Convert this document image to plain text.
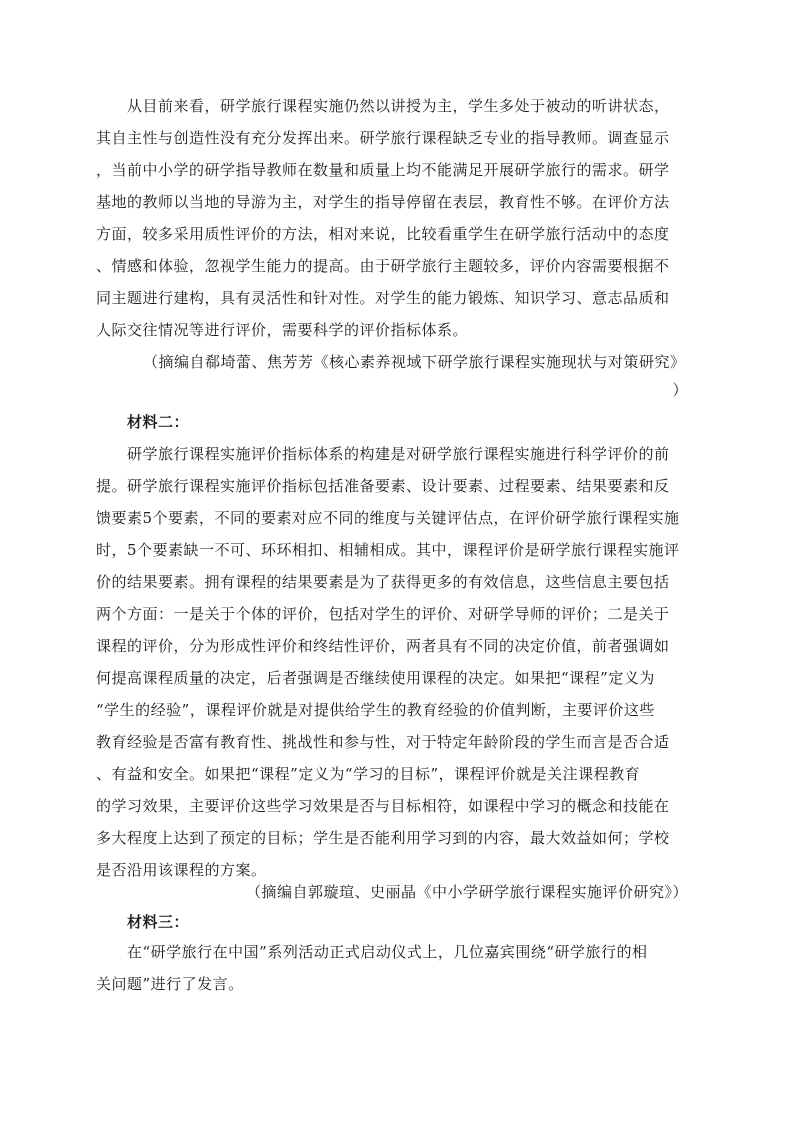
从目前来看，研学旅行课程实施仍然以讲授为主，学生多处于被动的听讲状态，
其自主性与创造性没有充分发挥出来。研学旅行课程缺乏专业的指导教师。调查显示
，当前中小学的研学指导教师在数量和质量上均不能满足开展研学旅行的需求。研学
基地的教师以当地的导游为主，对学生的指导停留在表层，教育性不够。在评价方法
方面，较多采用质性评价的方法，相对来说，比较看重学生在研学旅行活动中的态度
、情感和体验，忽视学生能力的提高。由于研学旅行主题较多，评价内容需要根据不
同主题进行建构，具有灵活性和针对性。对学生的能力锻炼、知识学习、意志品质和
人际交往情况等进行评价，需要科学的评价指标体系。
（摘编自郗埼蕾、焦芳芳《核心素养视域下研学旅行课程实施现状与对策研究》
）
材料二：
研学旅行课程实施评价指标体系的构建是对研学旅行课程实施进行科学评价的前
提。研学旅行课程实施评价指标包括准备要素、设计要素、过程要素、结果要素和反
馈要素5个要素，不同的要素对应不同的维度与关键评估点，在评价研学旅行课程实施
时，5个要素缺一不可、环环相扣、相辅相成。其中，课程评价是研学旅行课程实施评
价的结果要素。拥有课程的结果要素是为了获得更多的有效信息，这些信息主要包括
两个方面：一是关于个体的评价，包括对学生的评价、对研学导师的评价；二是关于
课程的评价，分为形成性评价和终结性评价，两者具有不同的决定价值，前者强调如
何提高课程质量的决定，后者强调是否继续使用课程的决定。如果把“课程”定义为
“学生的经验”，课程评价就是对提供给学生的教育经验的价值判断，主要评价这些
教育经验是否富有教育性、挑战性和参与性，对于特定年龄阶段的学生而言是否合适
、有益和安全。如果把“课程”定义为“学习的目标”，课程评价就是关注课程教育
的学习效果，主要评价这些学习效果是否与目标相符，如课程中学习的概念和技能在
多大程度上达到了预定的目标；学生是否能利用学习到的内容，最大效益如何；学校
是否沿用该课程的方案。
（摘编自郭璇瑄、史丽晶《中小学研学旅行课程实施评价研究》）
材料三：
在“研学旅行在中国”系列活动正式启动仪式上，几位嘉宾围绕“研学旅行的相
关问题”进行了发言。
